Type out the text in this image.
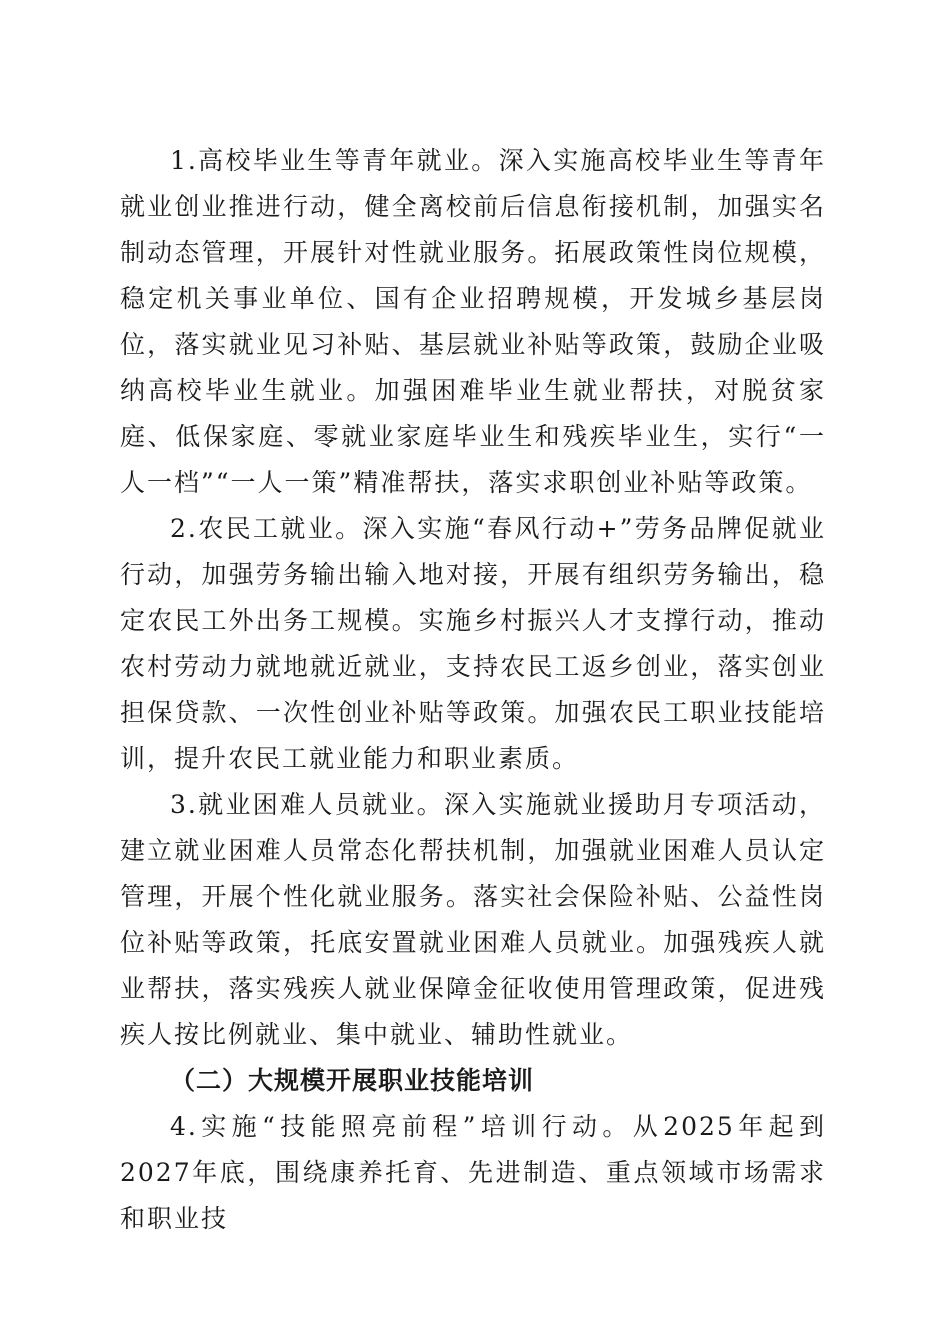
1.高校毕业生等青年就业。深入实施高校毕业生等青年就业创业推进行动，健全离校前后信息衔接机制，加强实名制动态管理，开展针对性就业服务。拓展政策性岗位规模，稳定机关事业单位、国有企业招聘规模，开发城乡基层岗位，落实就业见习补贴、基层就业补贴等政策，鼓励企业吸纳高校毕业生就业。加强困难毕业生就业帮扶，对脱贫家庭、低保家庭、零就业家庭毕业生和残疾毕业生，实行“一人一档”“一人一策”精准帮扶，落实求职创业补贴等政策。

2.农民工就业。深入实施“春风行动+”劳务品牌促就业行动，加强劳务输出输入地对接，开展有组织劳务输出，稳定农民工外出务工规模。实施乡村振兴人才支撑行动，推动农村劳动力就地就近就业，支持农民工返乡创业，落实创业担保贷款、一次性创业补贴等政策。加强农民工职业技能培训，提升农民工就业能力和职业素质。

3.就业困难人员就业。深入实施就业援助月专项活动，建立就业困难人员常态化帮扶机制，加强就业困难人员认定管理，开展个性化就业服务。落实社会保险补贴、公益性岗位补贴等政策，托底安置就业困难人员就业。加强残疾人就业帮扶，落实残疾人就业保障金征收使用管理政策，促进残疾人按比例就业、集中就业、辅助性就业。

（二）大规模开展职业技能培训

4.实施“技能照亮前程”培训行动。从2025年起到2027年底，围绕康养托育、先进制造、重点领域市场需求和职业技
